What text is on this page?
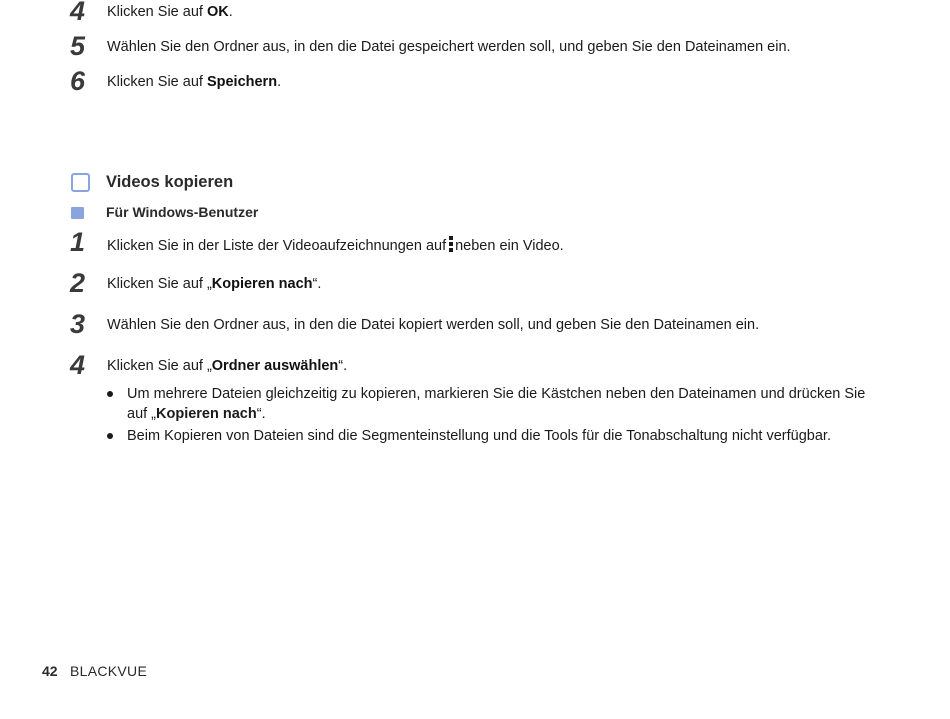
4	Klicken Sie auf OK.
5	Wählen Sie den Ordner aus, in den die Datei gespeichert werden soll, und geben Sie den Dateinamen ein.
6	Klicken Sie auf Speichern.
Videos kopieren
Für Windows-Benutzer
1	Klicken Sie in der Liste der Videoaufzeichnungen auf neben ein Video.
2	Klicken Sie auf „Kopieren nach“.
3	Wählen Sie den Ordner aus, in den die Datei kopiert werden soll, und geben Sie den Dateinamen ein.
4	Klicken Sie auf „Ordner auswählen“.
Um mehrere Dateien gleichzeitig zu kopieren, markieren Sie die Kästchen neben den Dateinamen und drücken Sie auf „Kopieren nach“.
Beim Kopieren von Dateien sind die Segmenteinstellung und die Tools für die Tonabschaltung nicht verfügbar.
42 BLACKVUE
